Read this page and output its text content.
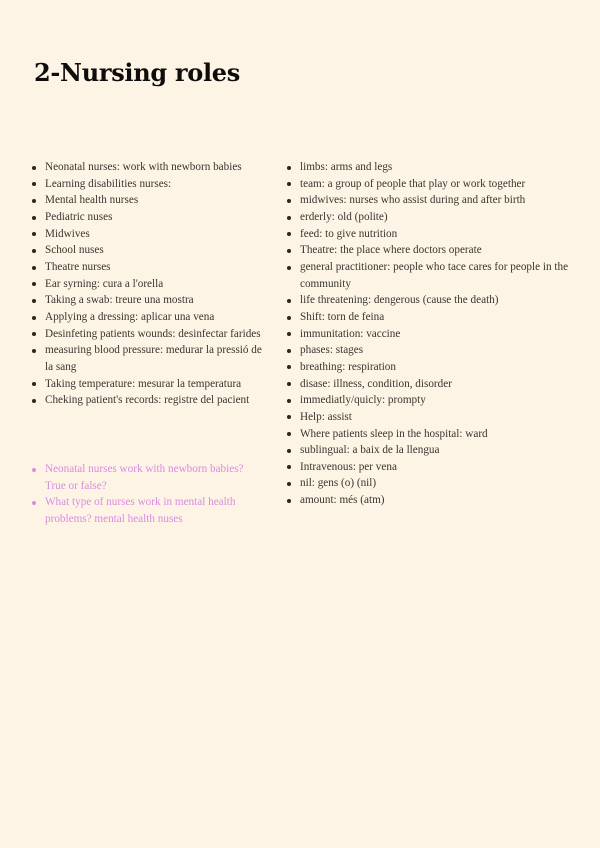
2-Nursing roles
Neonatal nurses: work with newborn babies
Learning disabilities nurses:
Mental health nurses
Pediatric nuses
Midwives
School nuses
Theatre nurses
Ear syrning: cura a l'orella
Taking a swab: treure una mostra
Applying a dressing: aplicar una vena
Desinfeting patients wounds: desinfectar farides
measuring blood pressure: medurar la pressió de la sang
Taking temperature: mesurar la temperatura
Cheking patient's records: registre del pacient
Neonatal nurses work with newborn babies? True or false?
What type of nurses work in mental health problems? mental health nuses
limbs: arms and legs
team: a group of people that play or work together
midwives: nurses who assist during and after birth
erderly: old (polite)
feed: to give nutrition
Theatre: the place where doctors operate
general practitioner: people who tace cares for people in the community
life threatening: dengerous (cause the death)
Shift: torn de feina
immunitation: vaccine
phases: stages
breathing: respiration
disase: illness, condition, disorder
immediatly/quicly: prompty
Help: assist
Where patients sleep in the hospital: ward
sublingual: a baix de la llengua
Intravenous: per vena
nil: gens (o) (nil)
amount: més (atm)
